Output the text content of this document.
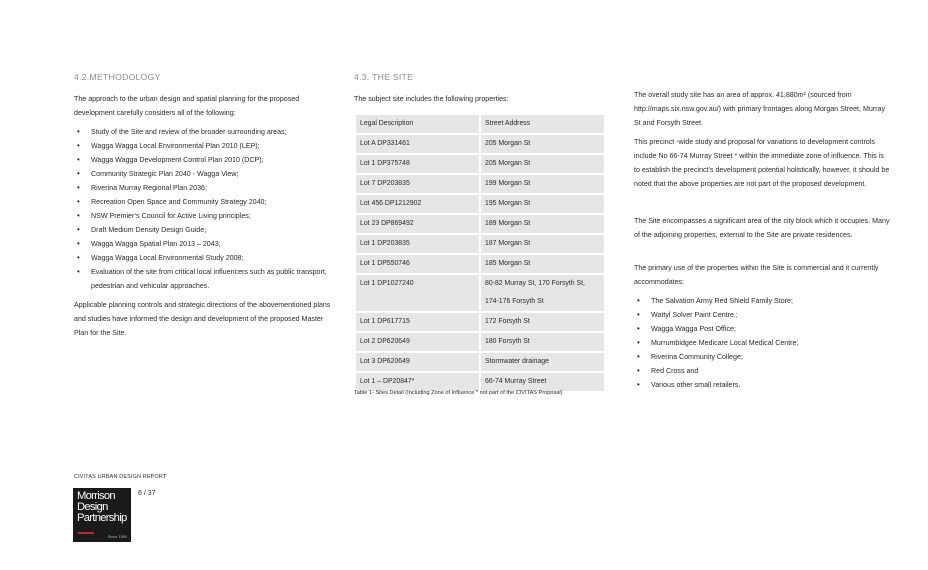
4.2.METHODOLOGY

The approach to the urban design and spatial planning for the proposed development carefully considers all of the following:

• Study of the Site and review of the broader surrounding areas;
• Wagga Wagga Local Environmental Plan 2010 (LEP);
• Wagga Wagga Development Control Plan 2010 (DCP);
• Community Strategic Plan 2040 - Wagga View;
• Riverina Murray Regional Plan 2036;
• Recreation Open Space and Community Strategy 2040;
• NSW Premier’s Council for Active Living principles;
• Draft Medium Density Design Guide;
• Wagga Wagga Spatial Plan 2013 – 2043;
• Wagga Wagga Local Environmental Study 2008;
• Evaluation of the site from critical local influencers such as public transport, pedestrian and vehicular approaches.

Applicable planning controls and strategic directions of the abovementioned plans and studies have informed the design and development of the proposed Master Plan for the Site.

4.3. THE SITE

The subject site includes the following properties:

Legal Description	Street Address
Lot A DP331461	205 Morgan St
Lot 1 DP375748	205 Morgan St
Lot 7 DP203835	199 Morgan St
Lot 456 DP1212902	195 Morgan St
Lot 23 DP869492	189 Morgan St
Lot 1 DP203835	187 Morgan St
Lot 1 DP550746	185 Morgan St
Lot 1 DP1027240	80-82 Murray St, 170 Forsyth St, 174-176 Forsyth St
Lot 1 DP617715	172 Forsyth St
Lot 2 DP620649	180 Forsyth St
Lot 3 DP620649	Stormwater drainage
Lot 1 – DP20847*	66-74 Murray Street
Table 1- Sites Detail (Including Zone of Influence * not part of the CIVITAS Proposal)

The overall study site has an area of approx. 41,880m² (sourced from http://maps.six.nsw.gov.au/) with primary frontages along Morgan Street, Murray St and Forsyth Street.

This precinct -wide study and proposal for variations to development controls include No 66-74 Murray Street * within the immediate zone of influence. This is to establish the precinct’s development potential holistically, however, it should be noted that the above properties are not part of the proposed development.

The Site encompasses a significant area of the city block which it occupies. Many of the adjoining properties, external to the Site are private residences.

The primary use of the properties within the Site is commercial and it currently accommodates:

• The Salvation Army Red Shield Family Store;
• Wattyl Solver Paint Centre.;
• Wagga Wagga Post Office;
• Murrumbidgee Medicare Local Medical Centre;
• Riverina Community College;
• Red Cross and
• Various other small retailers.
CIVITAS URBAN DESIGN REPORT
Morrison
Design
Partnership
Since 1984
6 / 37
